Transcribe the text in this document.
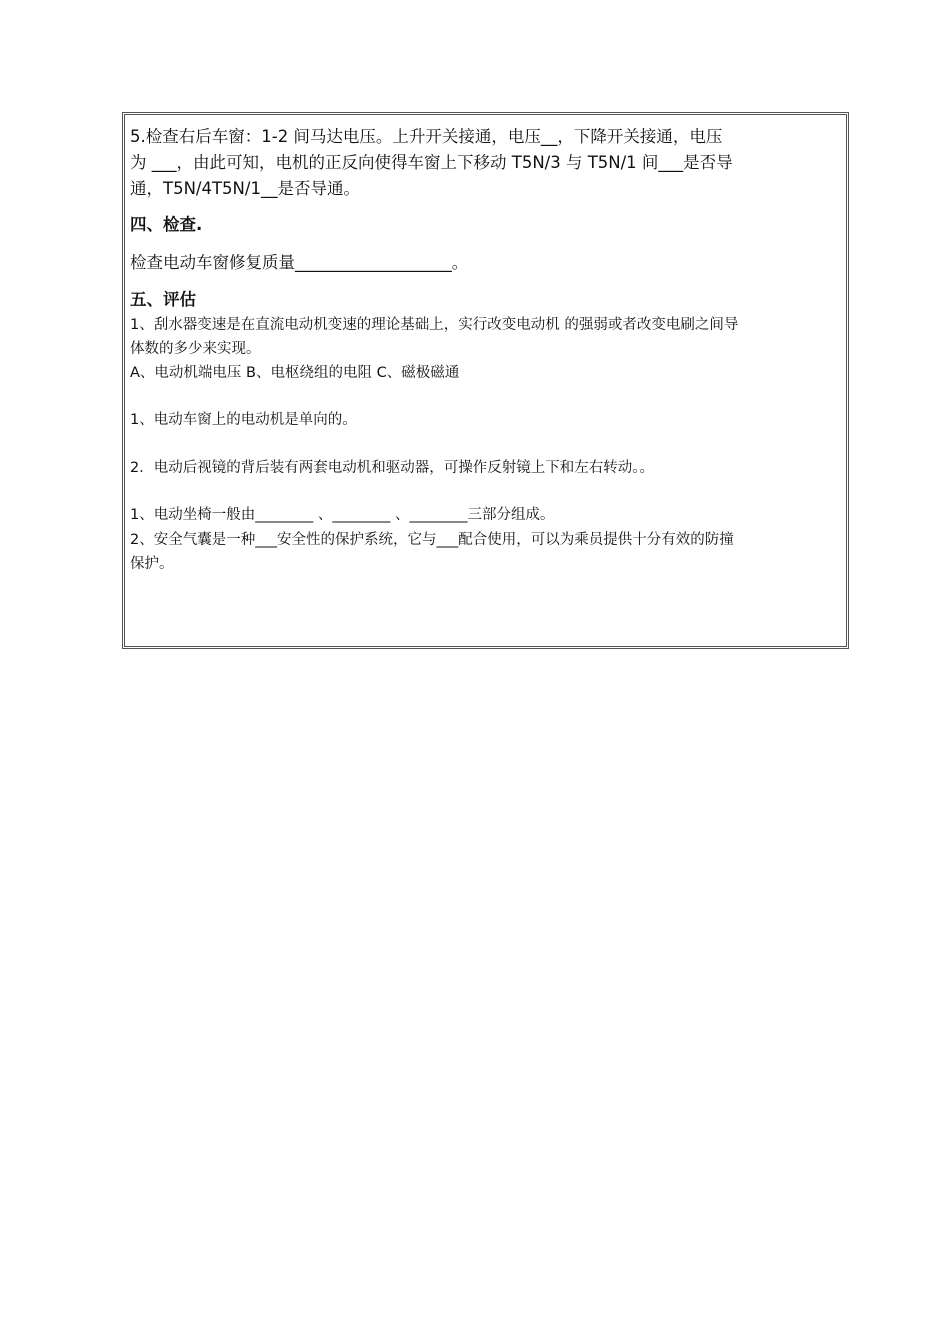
5.检查右后车窗：1-2 间马达电压。上升开关接通，电压__，下降开关接通，电压
为 ___，由此可知，电机的正反向使得车窗上下移动 T5N/3 与 T5N/1 间___是否导
通，T5N/4T5N/1__是否导通。
四、检查.
检查电动车窗修复质量___________________。
五、评估
1、刮水器变速是在直流电动机变速的理论基础上，实行改变电动机 的强弱或者改变电刷之间导
体数的多少来实现。
A、电动机端电压 B、电枢绕组的电阻 C、磁极磁通
1、电动车窗上的电动机是单向的。
2．电动后视镜的背后装有两套电动机和驱动器，可操作反射镜上下和左右转动。。
1、电动坐椅一般由________ 、________ 、________三部分组成。
2、安全气囊是一种___安全性的保护系统，它与___配合使用，可以为乘员提供十分有效的防撞
保护。
